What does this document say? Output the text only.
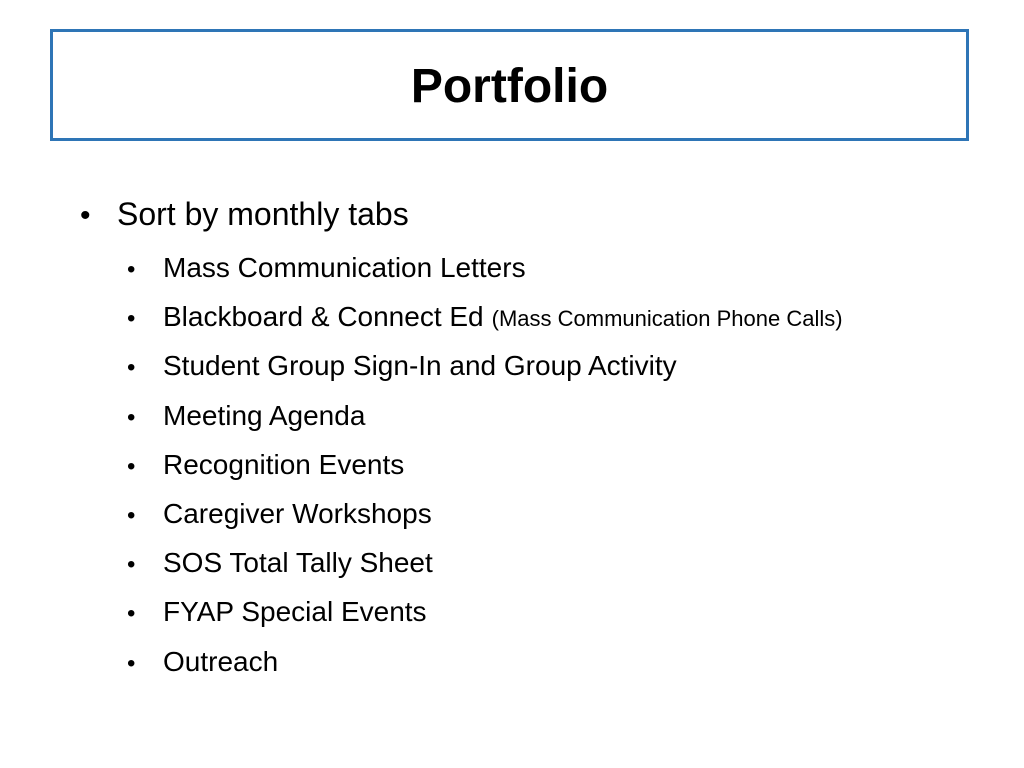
Portfolio
• Sort by monthly tabs
• Mass Communication Letters
• Blackboard & Connect Ed (Mass Communication Phone Calls)
• Student Group Sign-In and Group Activity
• Meeting Agenda
• Recognition Events
• Caregiver Workshops
• SOS Total Tally Sheet
• FYAP Special Events
• Outreach
